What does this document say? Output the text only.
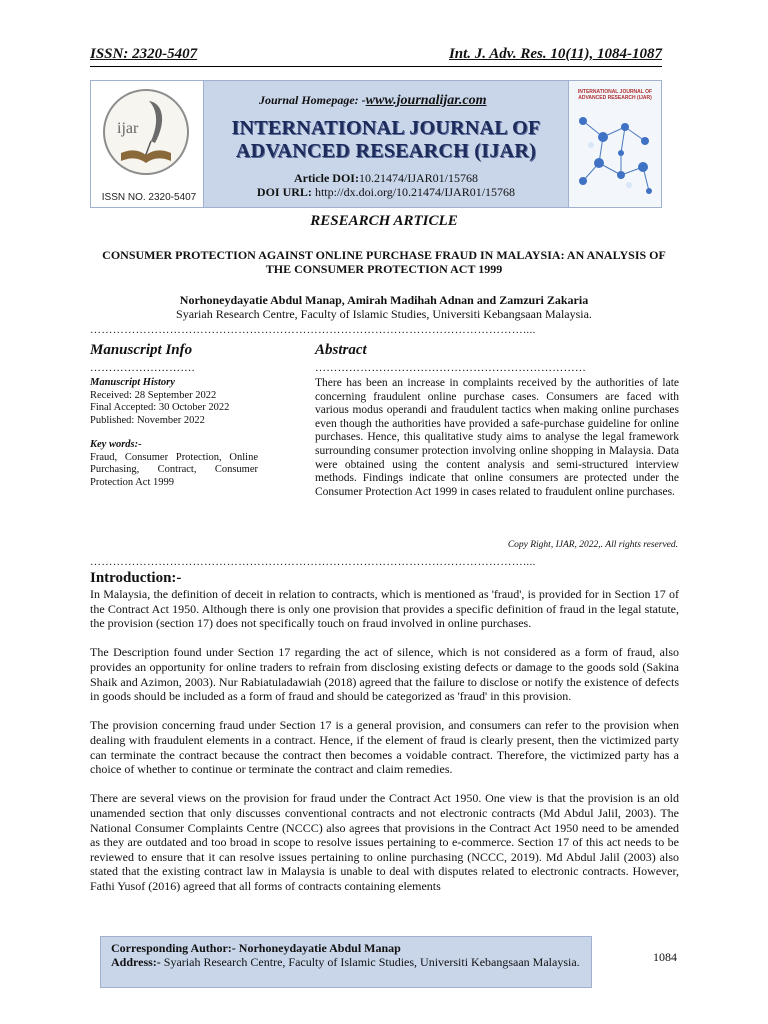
ISSN: 2320-5407	Int. J. Adv. Res. 10(11), 1084-1087
ijar
ISSN NO. 2320-5407
Journal Homepage: -www.journalijar.com
INTERNATIONAL JOURNAL OF
ADVANCED RESEARCH (IJAR)
Article DOI:10.21474/IJAR01/15768
DOI URL: http://dx.doi.org/10.21474/IJAR01/15768
INTERNATIONAL JOURNAL OF ADVANCED RESEARCH (IJAR)
RESEARCH ARTICLE
CONSUMER PROTECTION AGAINST ONLINE PURCHASE FRAUD IN MALAYSIA: AN ANALYSIS OF THE CONSUMER PROTECTION ACT 1999
Norhoneydayatie Abdul Manap, Amirah Madihah Adnan and Zamzuri Zakaria
Syariah Research Centre, Faculty of Islamic Studies, Universiti Kebangsaan Malaysia.
……………………………………………………………………………………………………....
Manuscript Info	Abstract
……………………….	………………………………………………………………
Manuscript History
Received: 28 September 2022
Final Accepted: 30 October 2022
Published: November 2022
Key words:-
Fraud, Consumer Protection, Online Purchasing, Contract, Consumer Protection Act 1999
There has been an increase in complaints received by the authorities of late concerning fraudulent online purchase cases. Consumers are faced with various modus operandi and fraudulent tactics when making online purchases even though the authorities have provided a safe-purchase guideline for online purchases. Hence, this qualitative study aims to analyse the legal framework surrounding consumer protection involving online shopping in Malaysia. Data were obtained using the content analysis and semi-structured interview methods. Findings indicate that online consumers are protected under the Consumer Protection Act 1999 in cases related to fraudulent online purchases.
Copy Right, IJAR, 2022,. All rights reserved.
……………………………………………………………………………………………………....
Introduction:-

In Malaysia, the definition of deceit in relation to contracts, which is mentioned as 'fraud', is provided for in Section 17 of the Contract Act 1950. Although there is only one provision that provides a specific definition of fraud in the legal statute, the provision (section 17) does not specifically touch on fraud involved in online purchases.

The Description found under Section 17 regarding the act of silence, which is not considered as a form of fraud, also provides an opportunity for online traders to refrain from disclosing existing defects or damage to the goods sold (Sakina Shaik and Azimon, 2003). Nur Rabiatuladawiah (2018) agreed that the failure to disclose or notify the existence of defects in goods should be included as a form of fraud and should be categorized as 'fraud' in this provision.

The provision concerning fraud under Section 17 is a general provision, and consumers can refer to the provision when dealing with fraudulent elements in a contract. Hence, if the element of fraud is clearly present, then the victimized party can terminate the contract because the contract then becomes a voidable contract. Therefore, the victimized party has a choice of whether to continue or terminate the contract and claim remedies.

There are several views on the provision for fraud under the Contract Act 1950. One view is that the provision is an old unamended section that only discusses conventional contracts and not electronic contracts (Md Abdul Jalil, 2003). The National Consumer Complaints Centre (NCCC) also agrees that provisions in the Contract Act 1950 need to be amended as they are outdated and too broad in scope to resolve issues pertaining to e-commerce. Section 17 of this act needs to be reviewed to ensure that it can resolve issues pertaining to online purchasing (NCCC, 2019). Md Abdul Jalil (2003) also stated that the existing contract law in Malaysia is unable to deal with disputes related to electronic contracts. However, Fathi Yusof (2016) agreed that all forms of contracts containing elements

Corresponding Author:- Norhoneydayatie Abdul Manap
Address:- Syariah Research Centre, Faculty of Islamic Studies, Universiti Kebangsaan Malaysia.	1084
